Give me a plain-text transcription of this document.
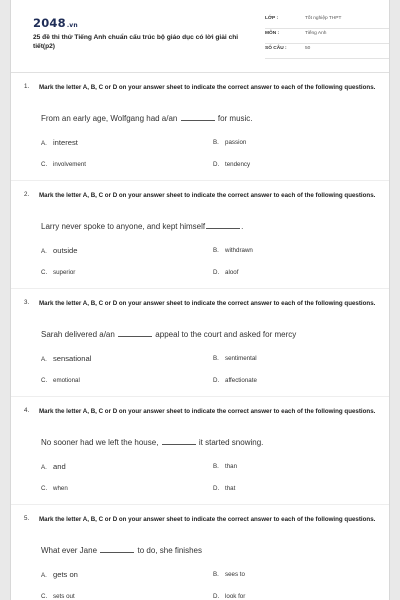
2048.vn
25 đề thi thử Tiếng Anh chuẩn cấu trúc bộ giáo dục có lời giải chi tiết(p2)
LỚP :	Tốt nghiệp THPT
MÔN :	Tiếng Anh
SỐ CÂU :	50
1. Mark the letter A, B, C or D on your answer sheet to indicate the correct answer to each of the following questions.
From an early age, Wolfgang had a/an	for music.
A. interest	B. passion
C. involvement	D. tendency
2. Mark the letter A, B, C or D on your answer sheet to indicate the correct answer to each of the following questions.
Larry never spoke to anyone, and kept himself	.
A. outside	B. withdrawn
C. superior	D. aloof
3. Mark the letter A, B, C or D on your answer sheet to indicate the correct answer to each of the following questions.
Sarah delivered a/an	appeal to the court and asked for mercy
A. sensational	B. sentimental
C. emotional	D. affectionate
4. Mark the letter A, B, C or D on your answer sheet to indicate the correct answer to each of the following questions.
No sooner had we left the house,	it started snowing.
A. and	B. than
C. when	D. that
5. Mark the letter A, B, C or D on your answer sheet to indicate the correct answer to each of the following questions.
What ever Jane	to do, she finishes
A. gets on	B. sees to
C. sets out	D. look for
